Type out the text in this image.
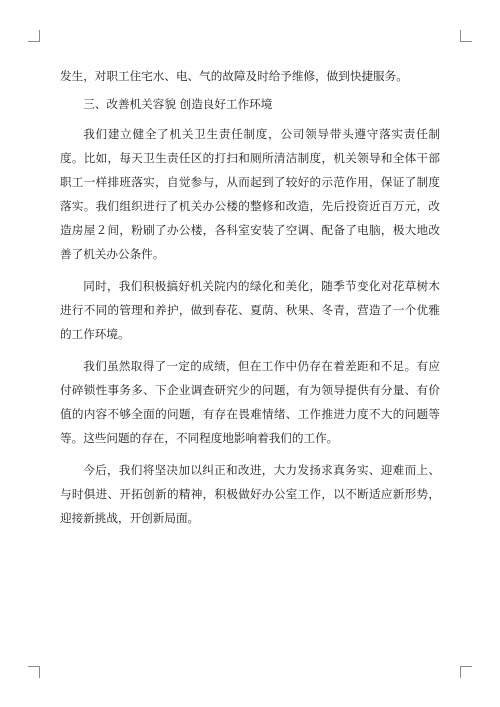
发生，对职工住宅水、电、气的故障及时给予维修，做到快捷服务。

三、改善机关容貌 创造良好工作环境

我们建立健全了机关卫生责任制度，公司领导带头遵守落实责任制度。比如，每天卫生责任区的打扫和厕所清洁制度，机关领导和全体干部职工一样排班落实，自觉参与，从而起到了较好的示范作用，保证了制度落实。我们组织进行了机关办公楼的整修和改造，先后投资近百万元，改造房屋２间，粉刷了办公楼，各科室安装了空调、配备了电脑，极大地改善了机关办公条件。

同时，我们积极搞好机关院内的绿化和美化，随季节变化对花草树木进行不同的管理和养护，做到春花、夏荫、秋果、冬青，营造了一个优雅的工作环境。

我们虽然取得了一定的成绩，但在工作中仍存在着差距和不足。有应付碎锁性事务多、下企业调查研究少的问题，有为领导提供有分量、有价值的内容不够全面的问题，有存在畏难情绪、工作推进力度不大的问题等等。这些问题的存在，不同程度地影响着我们的工作。

今后，我们将坚决加以纠正和改进，大力发扬求真务实、迎难而上、与时俱进、开拓创新的精神，积极做好办公室工作，以不断适应新形势，迎接新挑战，开创新局面。
